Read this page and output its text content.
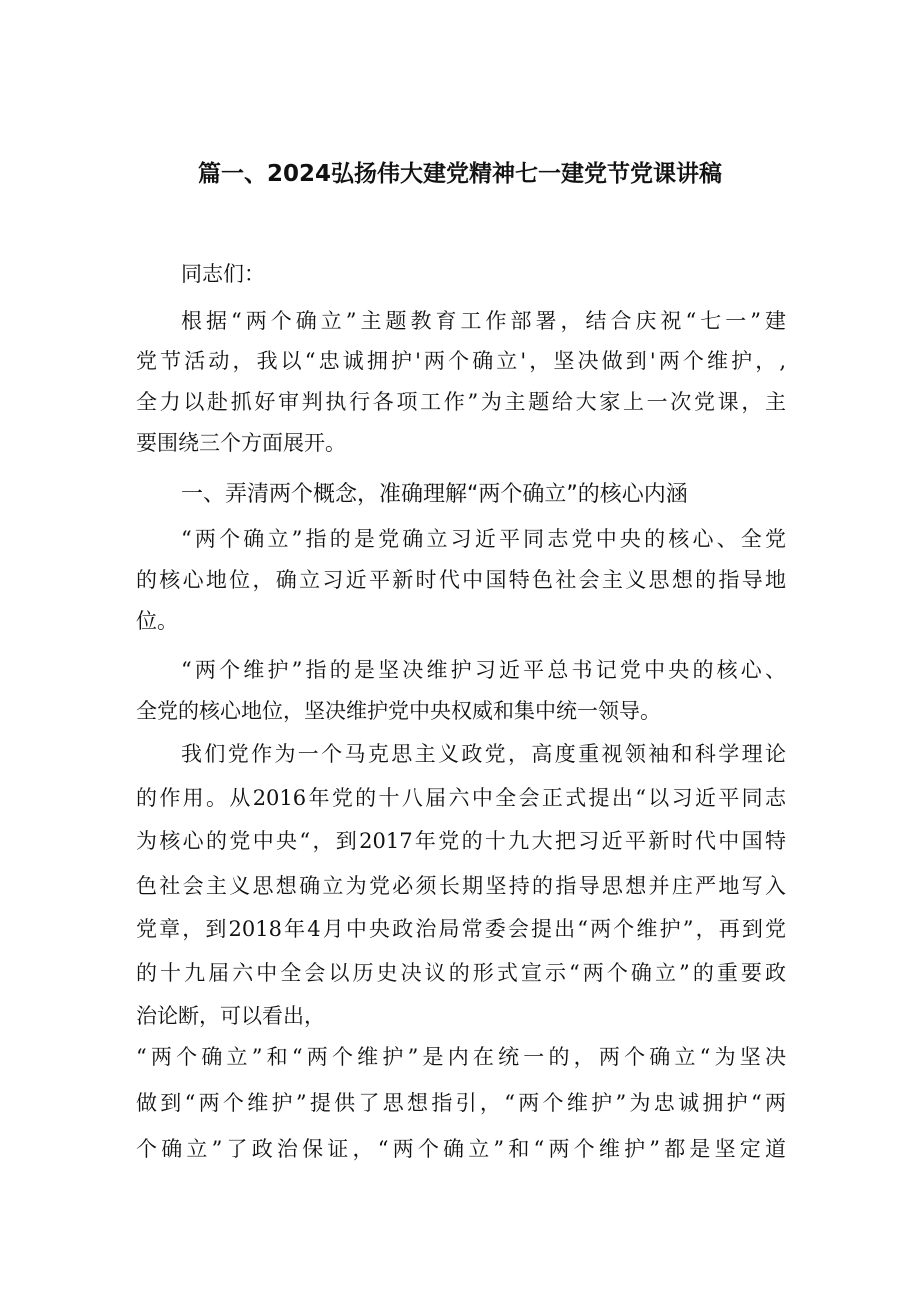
篇一、2024弘扬伟大建党精神七一建党节党课讲稿
同志们：
根据“两个确立”主题教育工作部署，结合庆祝“七一”建
党节活动，我以“忠诚拥护'两个确立'，坚决做到'两个维护，,
全力以赴抓好审判执行各项工作”为主题给大家上一次党课，主
要围绕三个方面展开。
一、弄清两个概念，准确理解“两个确立”的核心内涵
“两个确立”指的是党确立习近平同志党中央的核心、全党
的核心地位，确立习近平新时代中国特色社会主义思想的指导地
位。
“两个维护”指的是坚决维护习近平总书记党中央的核心、
全党的核心地位，坚决维护党中央权威和集中统一领导。
我们党作为一个马克思主义政党，高度重视领袖和科学理论
的作用。从2016年党的十八届六中全会正式提出“以习近平同志
为核心的党中央“，到2017年党的十九大把习近平新时代中国特
色社会主义思想确立为党必须长期坚持的指导思想并庄严地写入
党章，到2018年4月中央政治局常委会提出“两个维护”，再到党
的十九届六中全会以历史决议的形式宣示“两个确立”的重要政
治论断，可以看出，
“两个确立”和“两个维护”是内在统一的，两个确立“为坚决
做到“两个维护”提供了思想指引，“两个维护”为忠诚拥护“两
个确立”了政治保证，“两个确立”和“两个维护”都是坚定道
